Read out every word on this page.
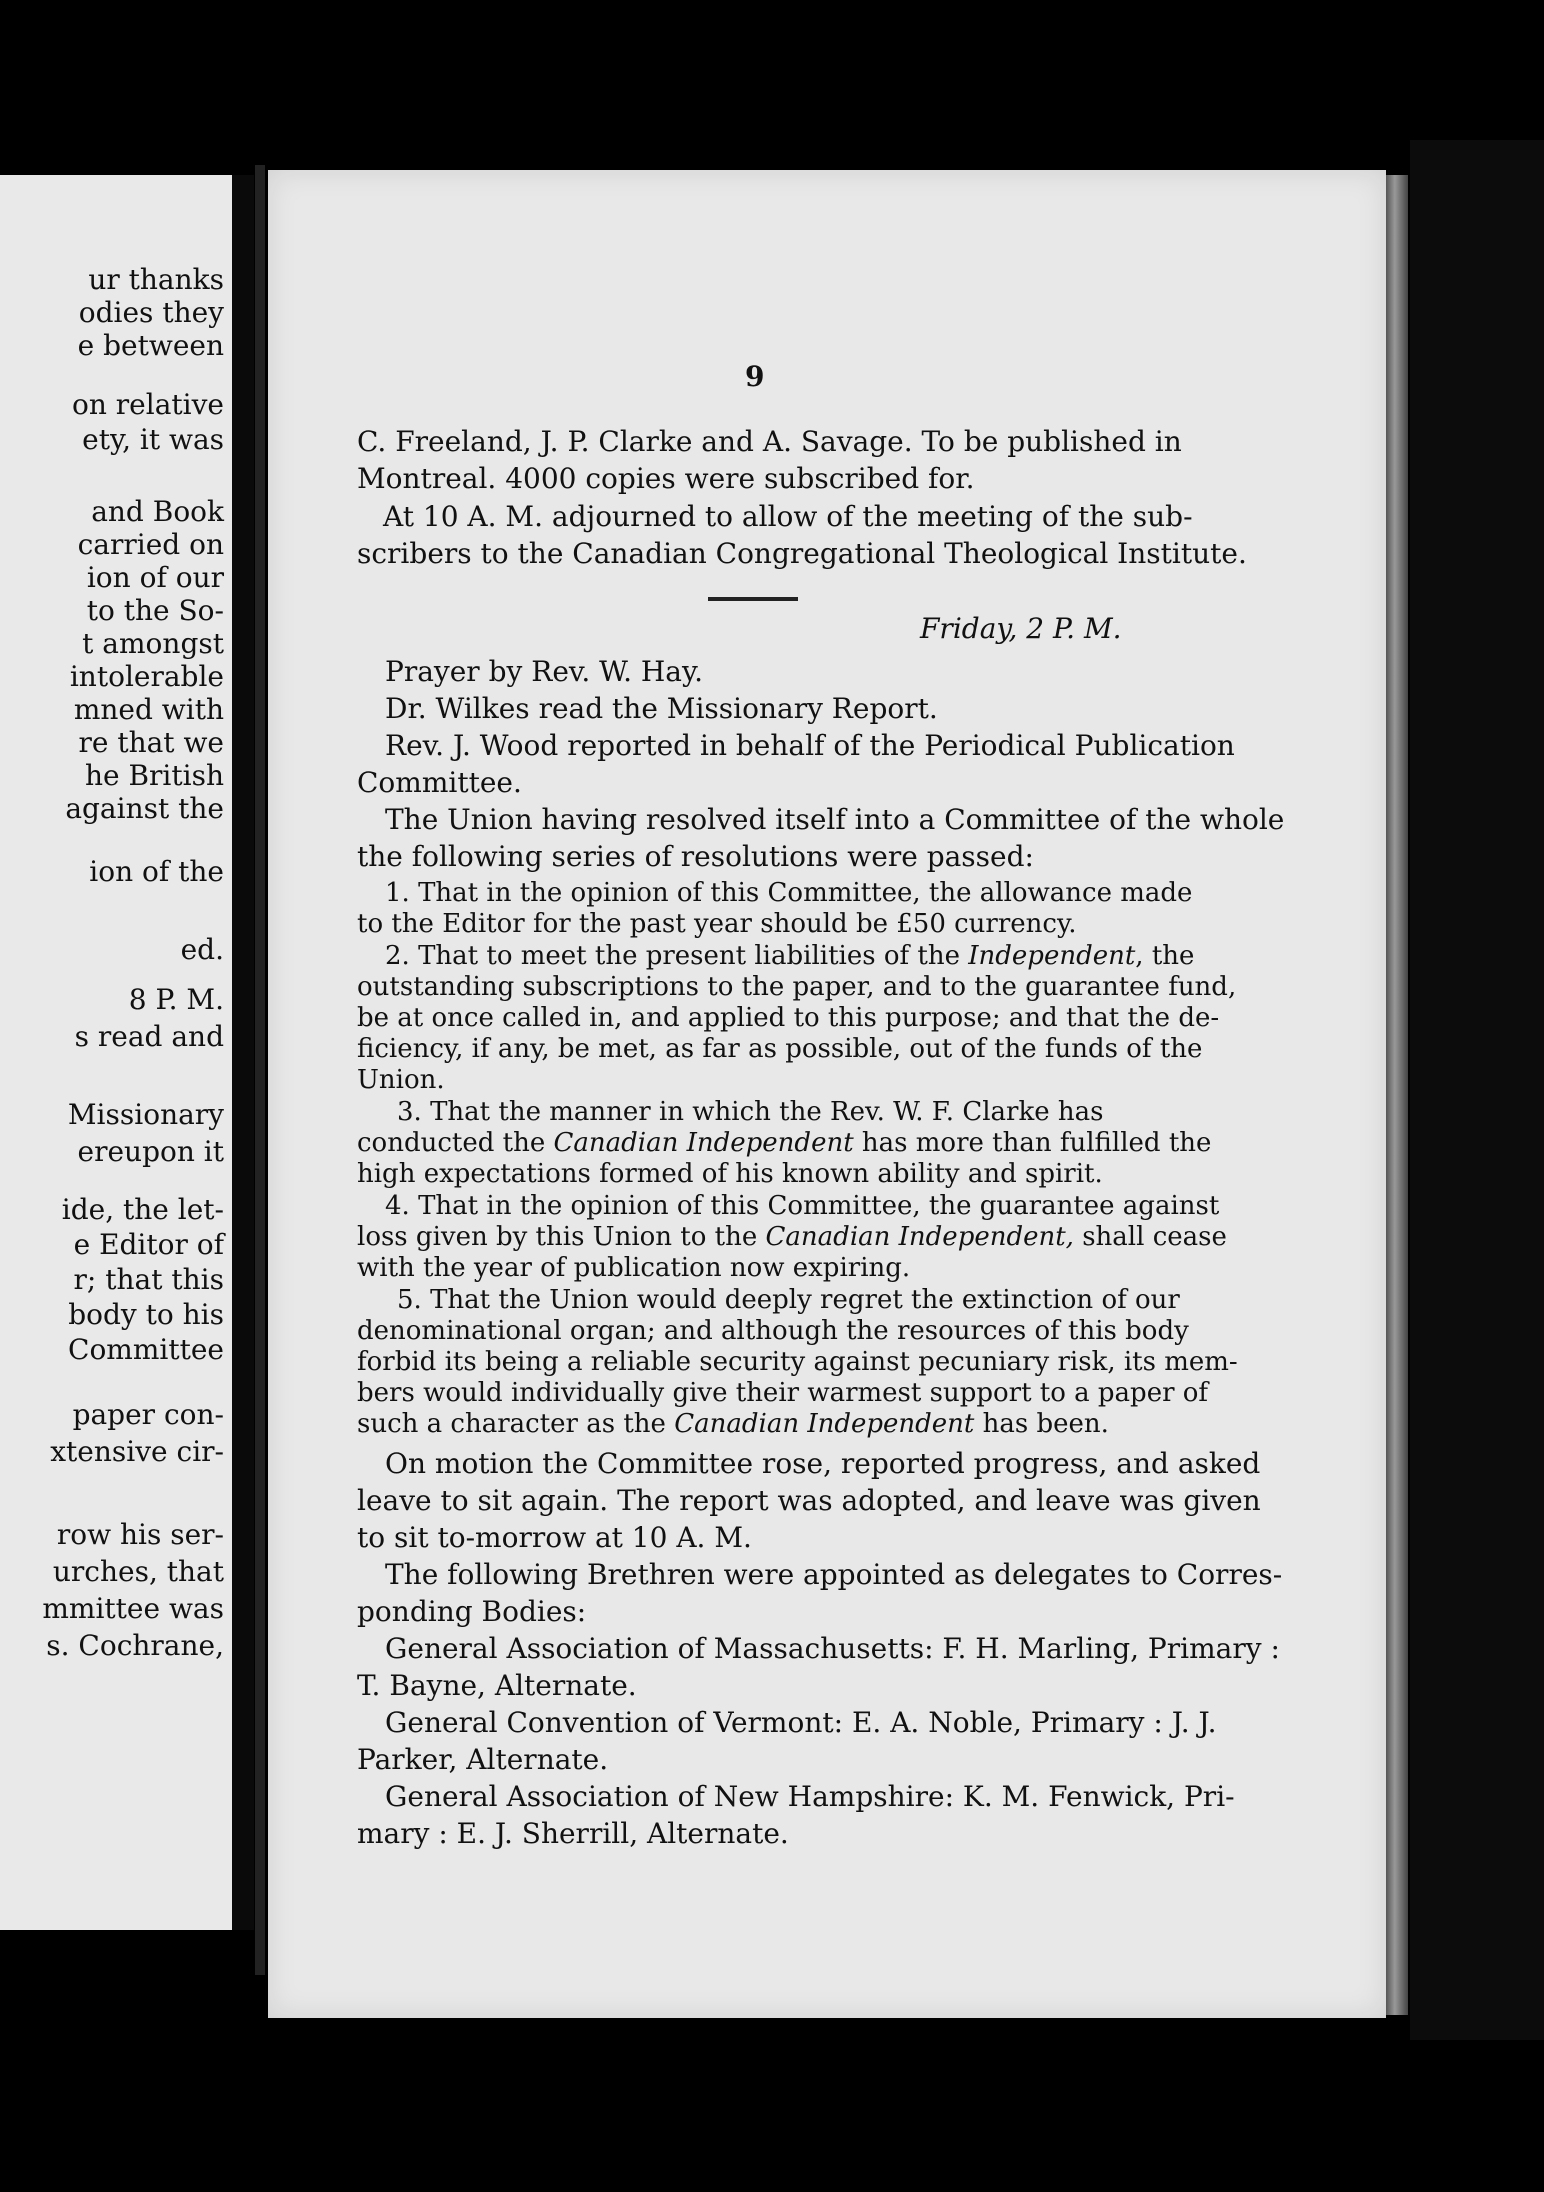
ur thanks
odies they
e between
on relative
ety, it was
and Book
carried on
ion of our
to the So-
t amongst
intolerable
mned with
re that we
he British
against the
ion of the
ed.
8 P. M.
s read and
Missionary
ereupon it
ide, the let-
e Editor of
r; that this
body to his
Committee
paper con-
xtensive cir-
row his ser-
urches, that
mmittee was
s. Cochrane,
9
C. Freeland, J. P. Clarke and A. Savage. To be published in
Montreal. 4000 copies were subscribed for.
At 10 A. M. adjourned to allow of the meeting of the sub-
scribers to the Canadian Congregational Theological Institute.
Friday, 2 P. M.
Prayer by Rev. W. Hay.
Dr. Wilkes read the Missionary Report.
Rev. J. Wood reported in behalf of the Periodical Publication
Committee.
The Union having resolved itself into a Committee of the whole
the following series of resolutions were passed:
1. That in the opinion of this Committee, the allowance made
to the Editor for the past year should be £50 currency.
2. That to meet the present liabilities of the Independent, the
outstanding subscriptions to the paper, and to the guarantee fund,
be at once called in, and applied to this purpose; and that the de-
ficiency, if any, be met, as far as possible, out of the funds of the
Union.
3. That the manner in which the Rev. W. F. Clarke has
conducted the Canadian Independent has more than fulfilled the
high expectations formed of his known ability and spirit.
4. That in the opinion of this Committee, the guarantee against
loss given by this Union to the Canadian Independent, shall cease
with the year of publication now expiring.
5. That the Union would deeply regret the extinction of our
denominational organ; and although the resources of this body
forbid its being a reliable security against pecuniary risk, its mem-
bers would individually give their warmest support to a paper of
such a character as the Canadian Independent has been.
On motion the Committee rose, reported progress, and asked
leave to sit again. The report was adopted, and leave was given
to sit to-morrow at 10 A. M.
The following Brethren were appointed as delegates to Corres-
ponding Bodies:
General Association of Massachusetts: F. H. Marling, Primary :
T. Bayne, Alternate.
General Convention of Vermont: E. A. Noble, Primary : J. J.
Parker, Alternate.
General Association of New Hampshire: K. M. Fenwick, Pri-
mary : E. J. Sherrill, Alternate.
